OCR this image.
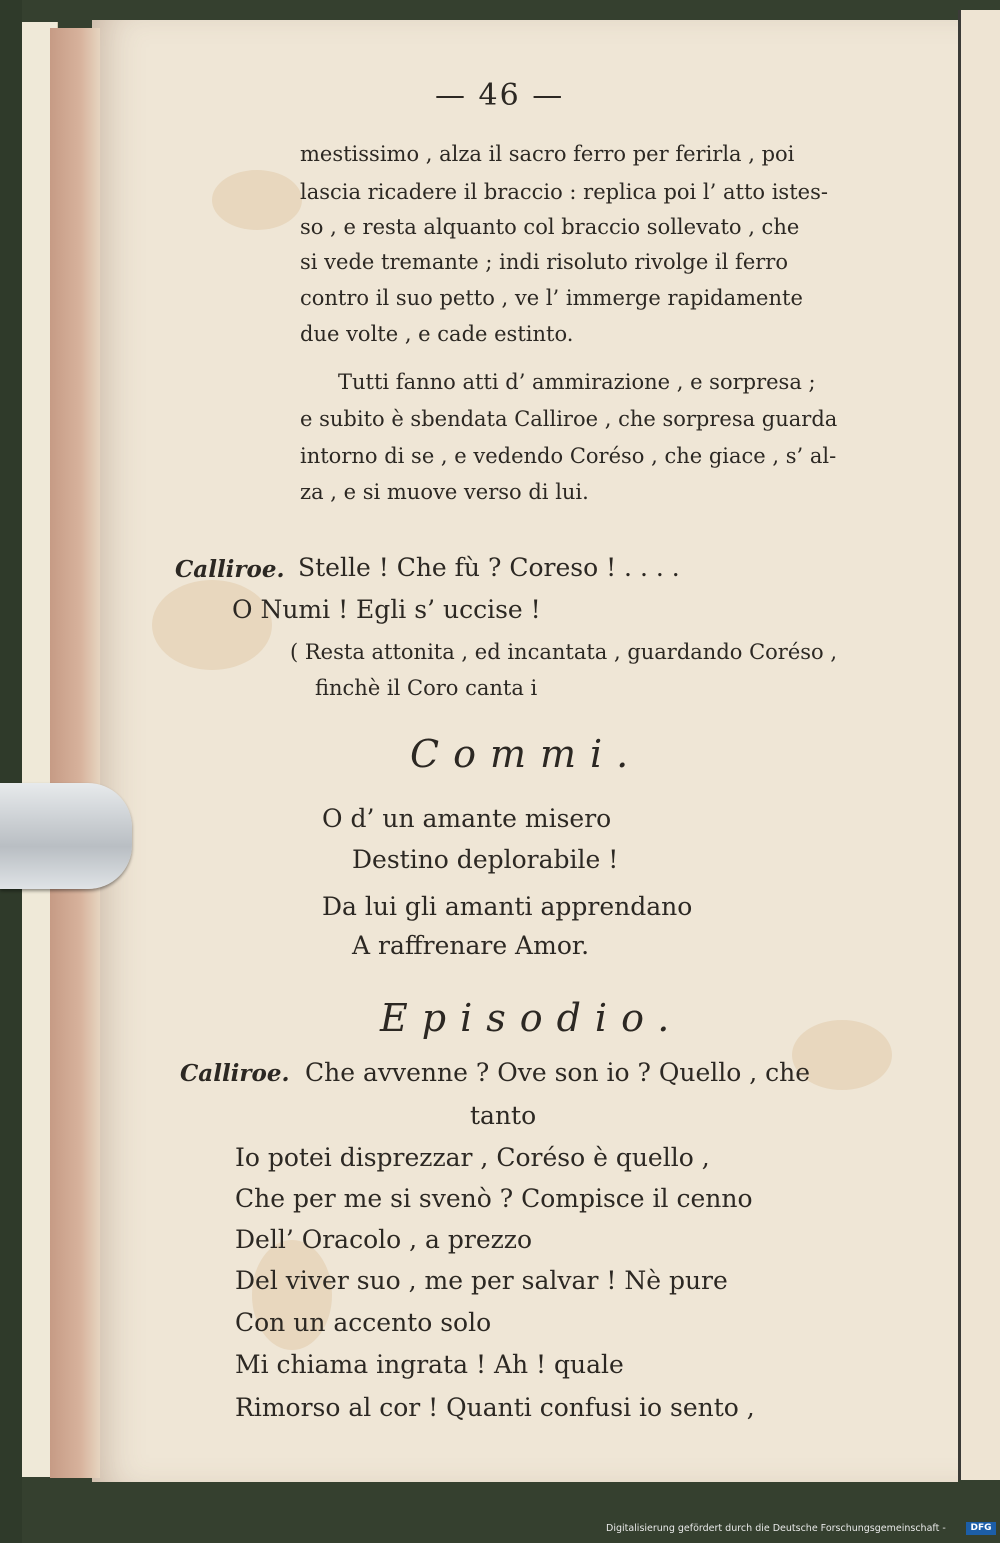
— 46 —
mestissimo , alza il sacro ferro per ferirla , poi
lascia ricadere il braccio : replica poi l’ atto istes-
so , e resta alquanto col braccio sollevato , che
si vede tremante ; indi risoluto rivolge il ferro
contro il suo petto , ve l’ immerge rapidamente
due volte , e cade estinto.
Tutti fanno atti d’ ammirazione , e sorpresa ;
e subito è sbendata Calliroe , che sorpresa guarda
intorno di se , e vedendo Coréso , che giace , s’ al-
za , e si muove verso di lui.
Calliroe. Stelle ! Che fù ? Coreso ! . . . .
O Numi ! Egli s’ uccise !
( Resta attonita , ed incantata , guardando Coréso ,
finchè il Coro canta i
Commi.
O d’ un amante misero
Destino deplorabile !
Da lui gli amanti apprendano
A raffrenare Amor.
Episodio.
Calliroe. Che avvenne ? Ove son io ? Quello , che
tanto
Io potei disprezzar , Coréso è quello ,
Che per me si svenò ? Compisce il cenno
Dell’ Oracolo , a prezzo
Del viver suo , me per salvar ! Nè pure
Con un accento solo
Mi chiama ingrata ! Ah ! quale
Rimorso al cor ! Quanti confusi io sento ,
Digitalisierung gefördert durch die Deutsche Forschungsgemeinschaft -	DFG
